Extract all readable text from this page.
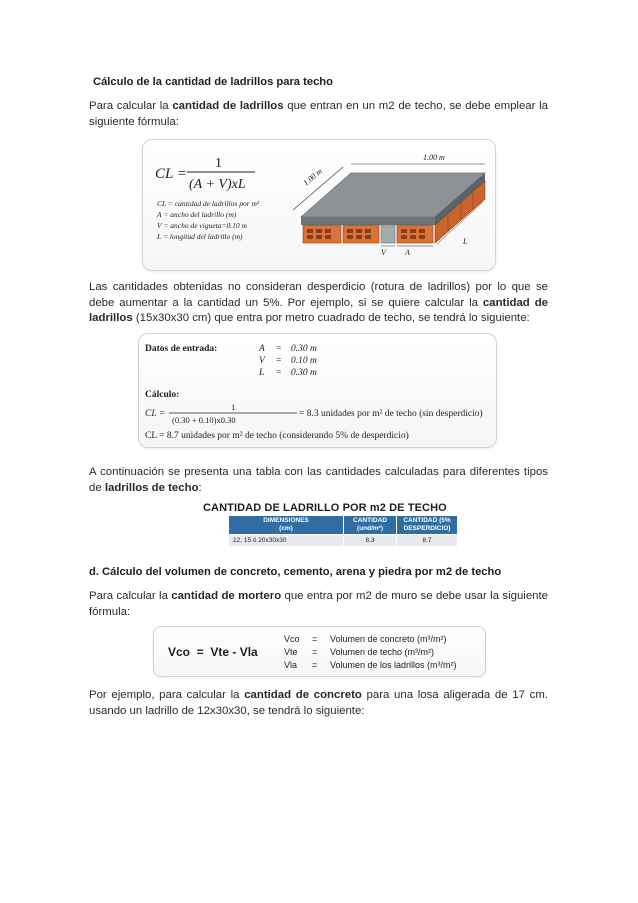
Cálculo de la cantidad de ladrillos para techo

Para calcular la cantidad de ladrillos que entran en un m2 de techo, se debe emplear la siguiente fórmula:

CL =
1
(A + V)xL
CL = cantidad de ladrillos por m²
A = ancho del ladrillo (m)
V = ancho de vigueta=0.10 m
L = longitud del ladrillo (m)
1.00 m
1.00 m
V A
L

Las cantidades obtenidas no consideran desperdicio (rotura de ladrillos) por lo que se debe aumentar a la cantidad un 5%. Por ejemplo, si se quiere calcular la cantidad de ladrillos (15x30x30 cm) que entra por metro cuadrado de techo, se tendrá lo siguiente:

Datos de entrada:	A = 0.30 m
V = 0.10 m
L = 0.30 m
Cálculo:
CL =
1
(0.30 + 0.10)x0.30
= 8.3 unidades por m² de techo (sin desperdicio)
CL = 8.7 unidades por m² de techo (considerando 5% de desperdicio)

A continuación se presenta una tabla con las cantidades calculadas para diferentes tipos de ladrillos de techo:

CANTIDAD DE LADRILLO POR m2 DE TECHO

DIMENSIONES
(cm)	CANTIDAD
(und/m²)	CANTIDAD (5%
DESPERDICIO)
12, 15 ó 20x30x30	8.3	8.7

d. Cálculo del volumen de concreto, cemento, arena y piedra por m2 de techo

Para calcular la cantidad de mortero que entra por m2 de muro se debe usar la siguiente fórmula:

Vco  =  Vte - Vla
Vco = Volumen de concreto (m³/m²)
Vte = Volumen de techo (m³/m²)
Vla = Volumen de los ladrillos (m³/m²)

Por ejemplo, para calcular la cantidad de concreto para una losa aligerada de 17 cm. usando un ladrillo de 12x30x30, se tendrá lo siguiente:
